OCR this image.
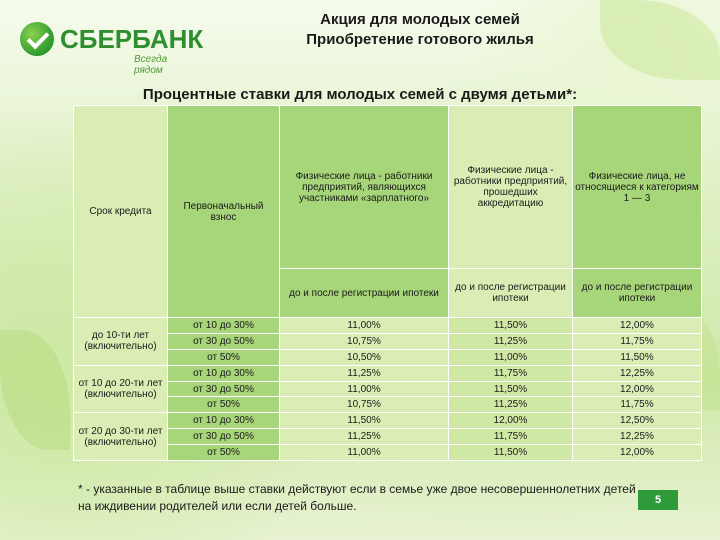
СБЕРБАНК
Всегда рядом
Акция для молодых семей
Приобретение готового жилья
Процентные ставки для молодых семей с двумя детьми*:
Срок кредита	Первоначальный взнос	Физические лица - работники предприятий, являющихся участниками «зарплатного»	Физические лица - работники предприятий, прошедших аккредитацию	Физические лица, не относящиеся к категориям 1 — 3
		до и после регистрации ипотеки	до и после регистрации ипотеки	до и после регистрации ипотеки
до 10-ти лет (включительно)	от 10 до 30%	11,00%	11,50%	12,00%
	от 30 до 50%	10,75%	11,25%	11,75%
	от 50%	10,50%	11,00%	11,50%
от 10 до 20-ти лет (включительно)	от 10 до 30%	11,25%	11,75%	12,25%
	от 30 до 50%	11,00%	11,50%	12,00%
	от 50%	10,75%	11,25%	11,75%
от 20 до 30-ти лет (включительно)	от 10 до 30%	11,50%	12,00%	12,50%
	от 30 до 50%	11,25%	11,75%	12,25%
	от 50%	11,00%	11,50%	12,00%
* - указанные в таблице выше ставки действуют если в семье уже двое несовершеннолетних детей на иждивении родителей или если детей больше.	5
